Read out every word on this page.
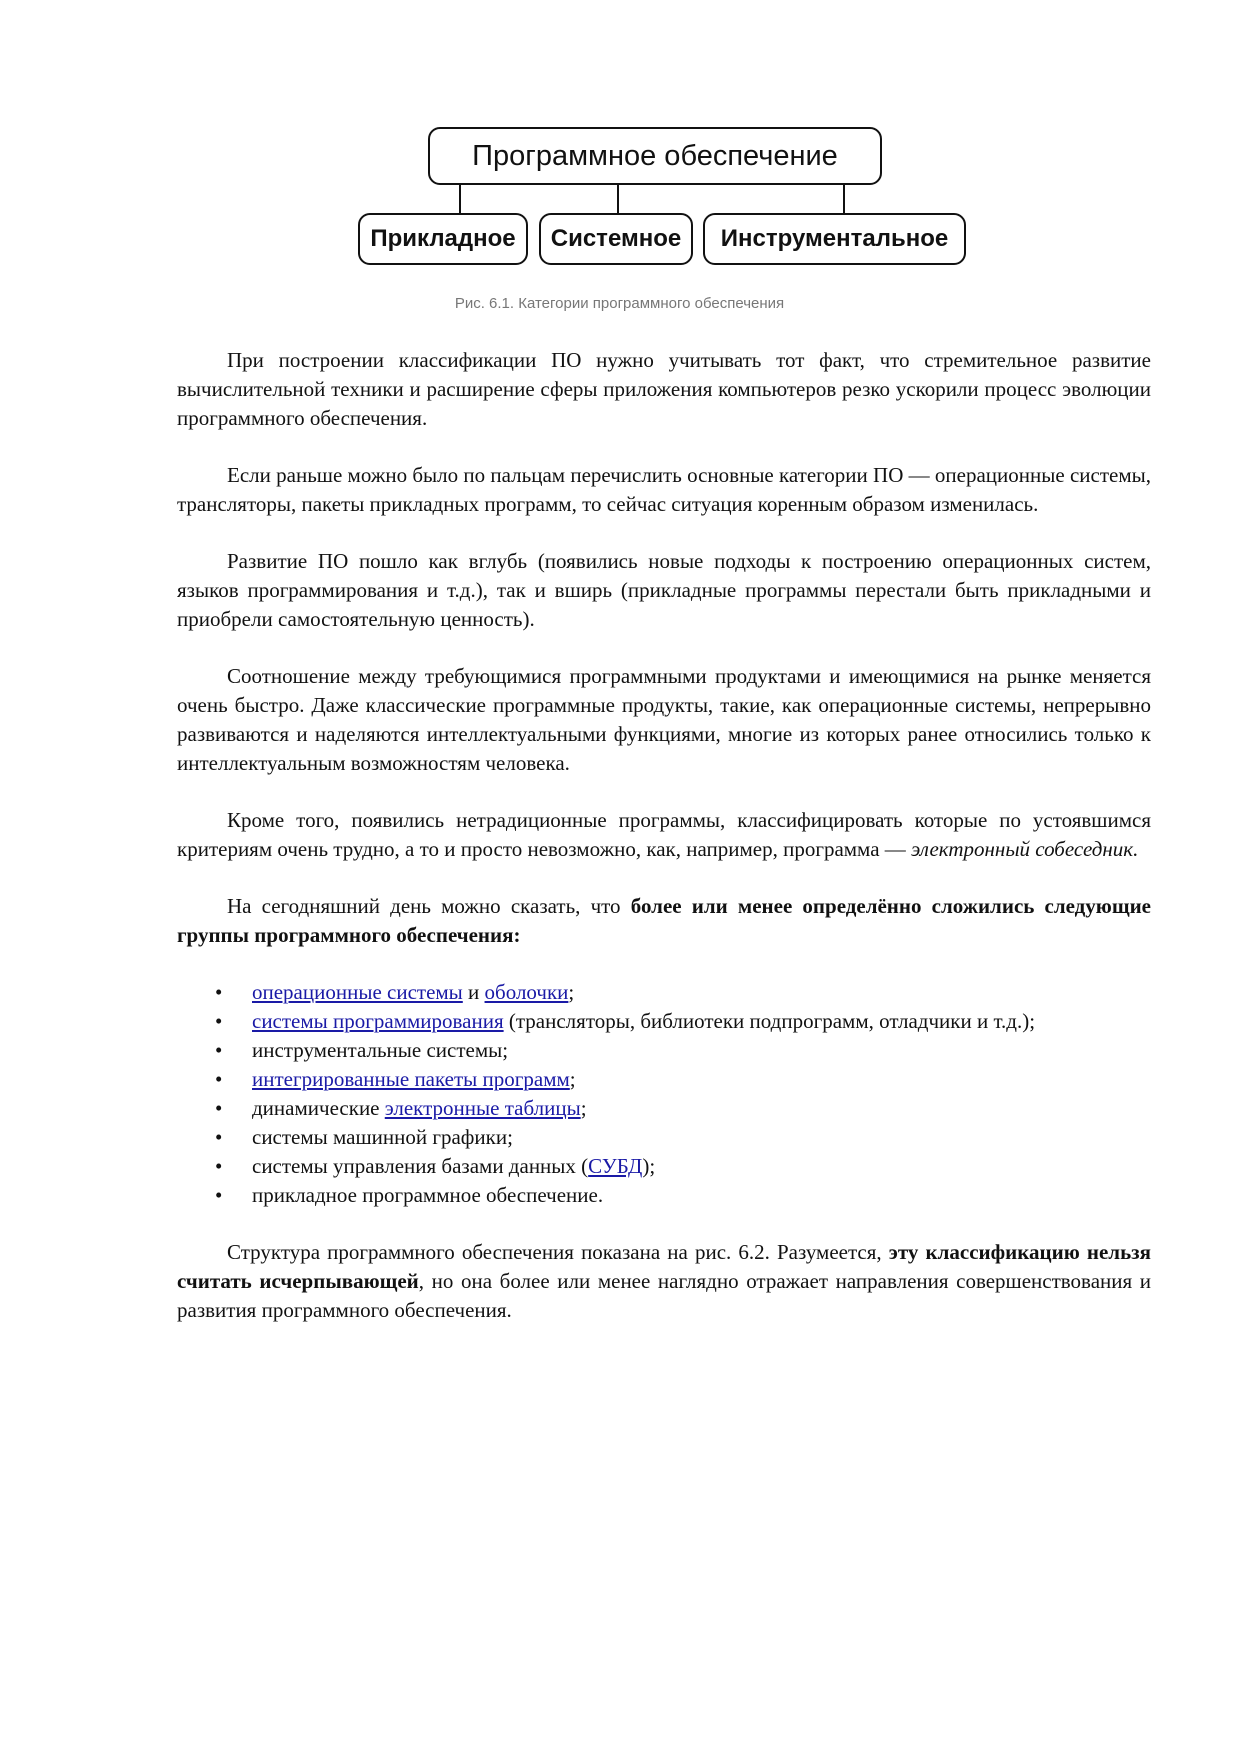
Программное обеспечение
Прикладное	Системное	Инструментальное
Рис. 6.1. Категории программного обеспечения

При построении классификации ПО нужно учитывать тот факт, что стремительное развитие вычислительной техники и расширение сферы приложения компьютеров резко ускорили процесс эволюции программного обеспечения.

Если раньше можно было по пальцам перечислить основные категории ПО — операционные системы, трансляторы, пакеты прикладных программ, то сейчас ситуация коренным образом изменилась.

Развитие ПО пошло как вглубь (появились новые подходы к построению операционных систем, языков программирования и т.д.), так и вширь (прикладные программы перестали быть прикладными и приобрели самостоятельную ценность).

Соотношение между требующимися программными продуктами и имеющимися на рынке меняется очень быстро. Даже классические программные продукты, такие, как операционные системы, непрерывно развиваются и наделяются интеллектуальными функциями, многие из которых ранее относились только к интеллектуальным возможностям человека.

Кроме того, появились нетрадиционные программы, классифицировать которые по устоявшимся критериям очень трудно, а то и просто невозможно, как, например, программа — электронный собеседник.

На сегодняшний день можно сказать, что более или менее определённо сложились следующие группы программного обеспечения:

• операционные системы и оболочки;
• системы программирования (трансляторы, библиотеки подпрограмм, отладчики и т.д.);
• инструментальные системы;
• интегрированные пакеты программ;
• динамические электронные таблицы;
• системы машинной графики;
• системы управления базами данных (СУБД);
• прикладное программное обеспечение.

Структура программного обеспечения показана на рис. 6.2. Разумеется, эту классификацию нельзя считать исчерпывающей, но она более или менее наглядно отражает направления совершенствования и развития программного обеспечения.
